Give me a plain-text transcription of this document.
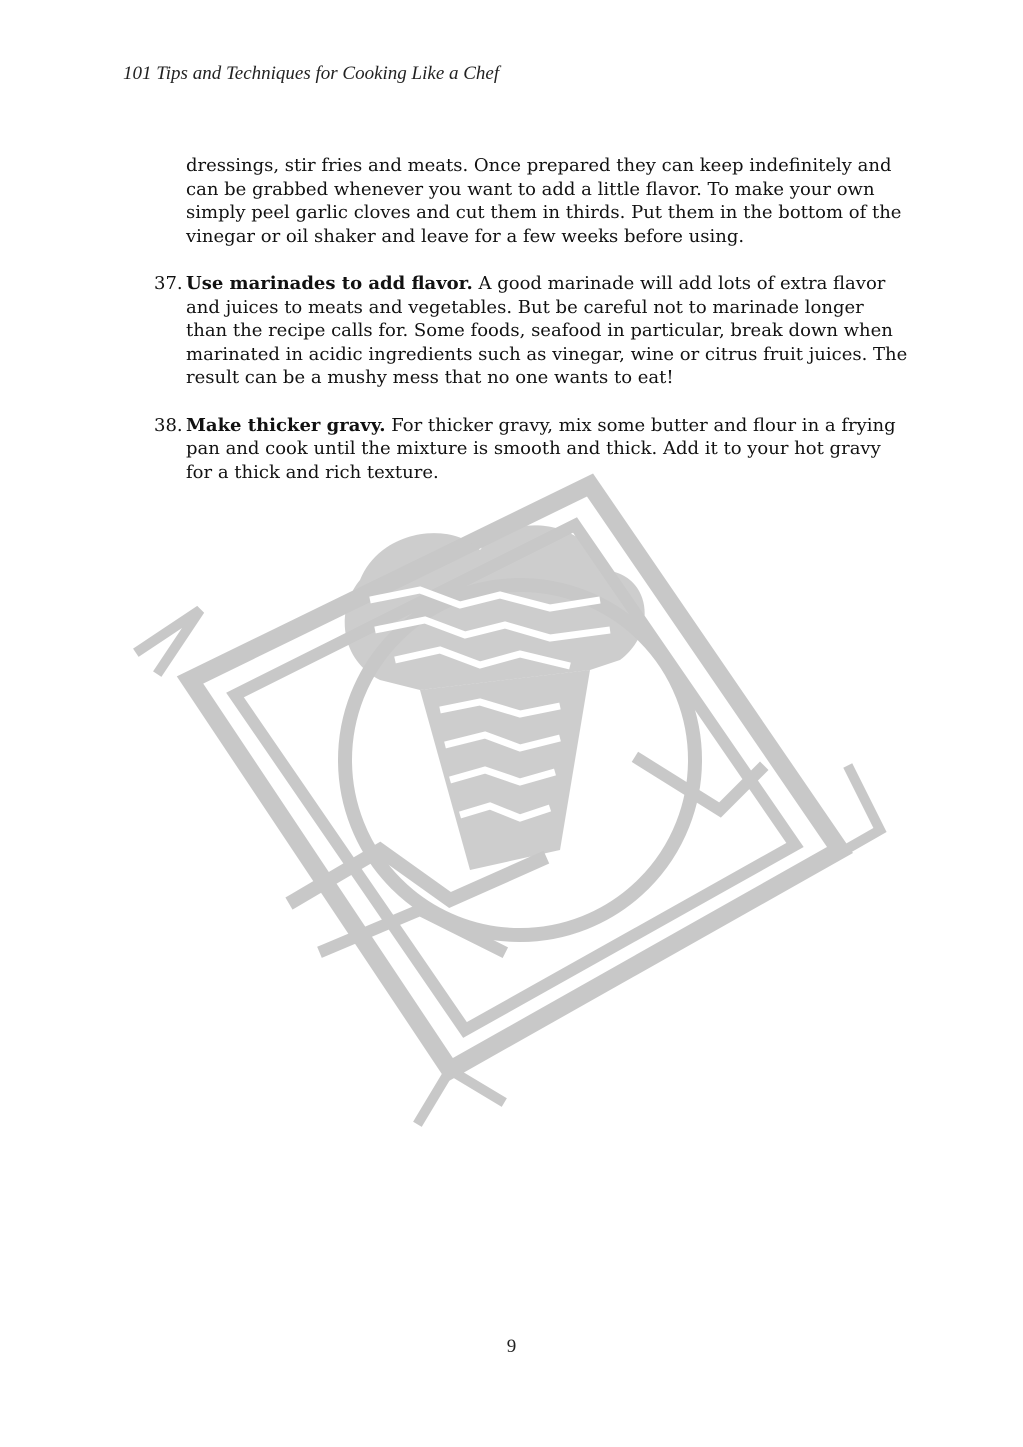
101 Tips and Techniques for Cooking Like a Chef

dressings, stir fries and meats. Once prepared they can keep indefinitely and can be grabbed whenever you want to add a little flavor. To make your own simply peel garlic cloves and cut them in thirds. Put them in the bottom of the vinegar or oil shaker and leave for a few weeks before using.

37. Use marinades to add flavor. A good marinade will add lots of extra flavor and juices to meats and vegetables. But be careful not to marinade longer than the recipe calls for. Some foods, seafood in particular, break down when marinated in acidic ingredients such as vinegar, wine or citrus fruit juices. The result can be a mushy mess that no one wants to eat!
38. Make thicker gravy. For thicker gravy, mix some butter and flour in a frying pan and cook until the mixture is smooth and thick. Add it to your hot gravy for a thick and rich texture.
9
